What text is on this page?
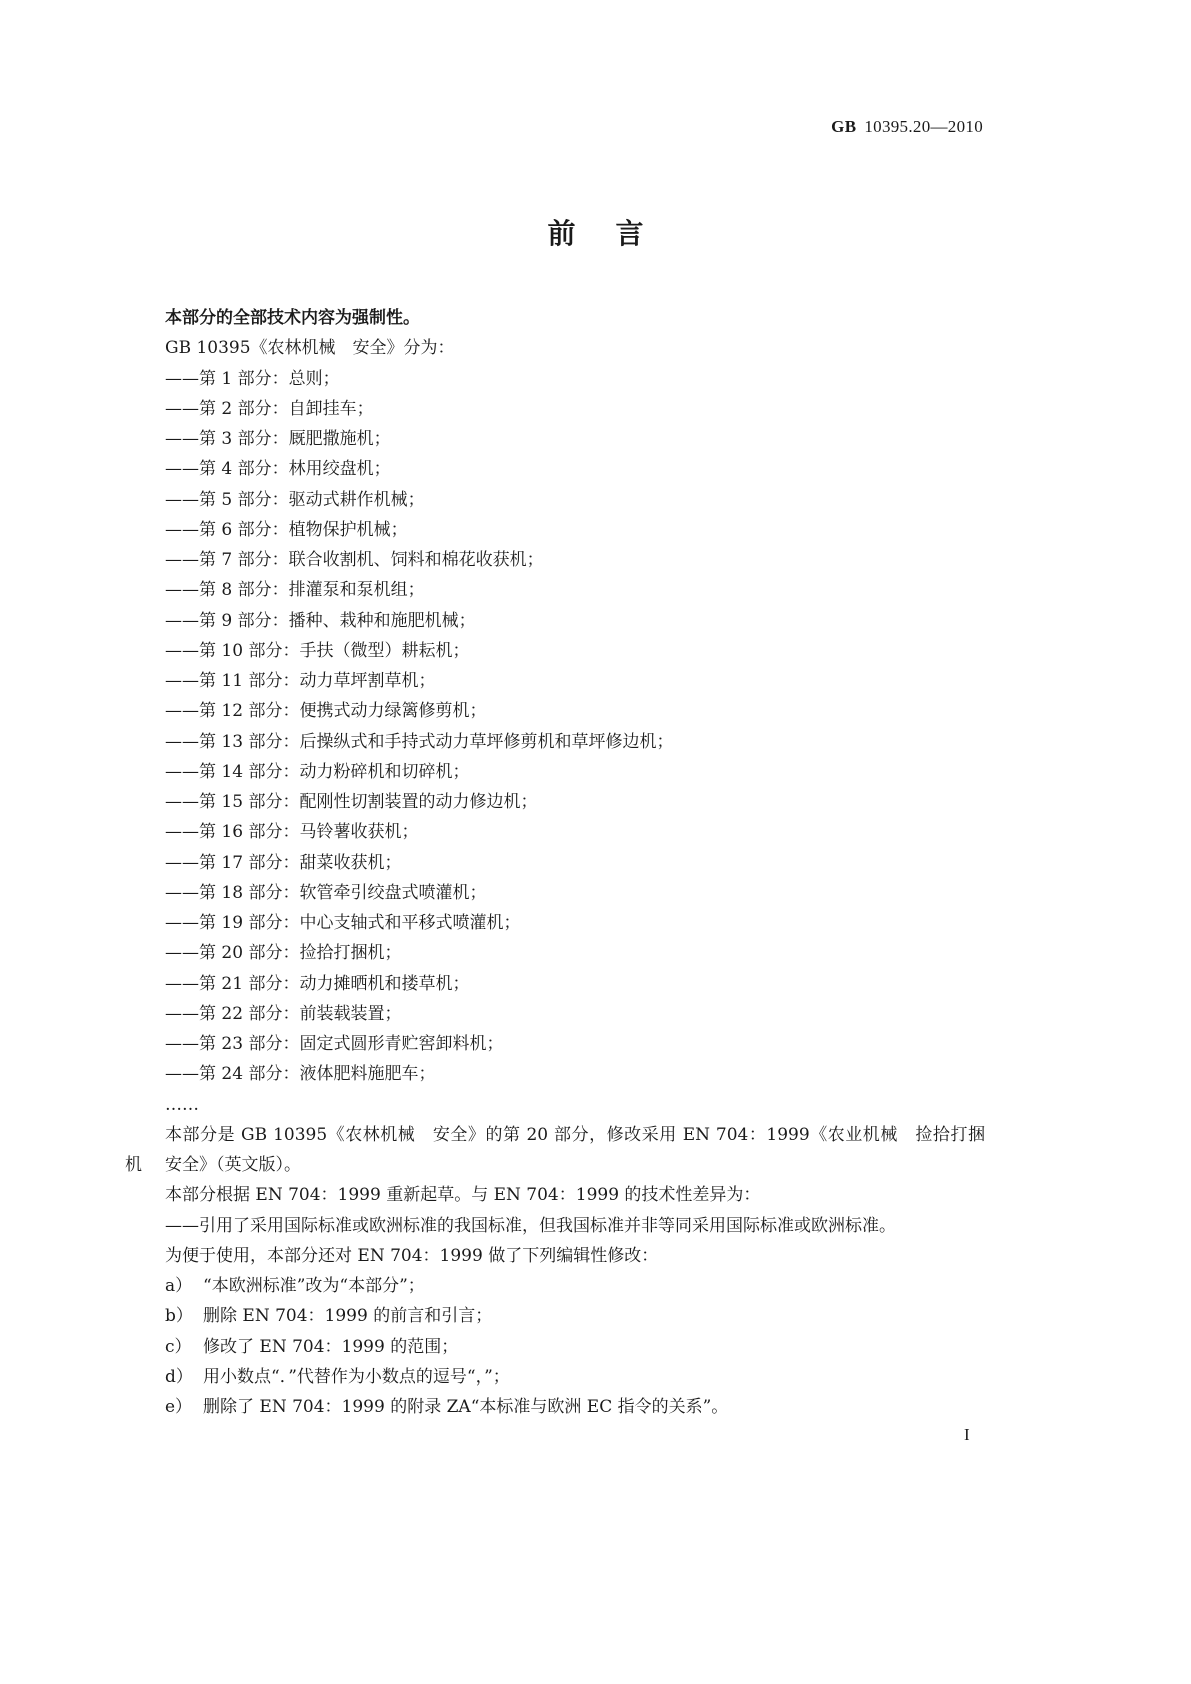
GB 10395.20—2010
前言
本部分的全部技术内容为强制性。
GB 10395《农林机械　安全》分为：
——第 1 部分：总则；
——第 2 部分：自卸挂车；
——第 3 部分：厩肥撒施机；
——第 4 部分：林用绞盘机；
——第 5 部分：驱动式耕作机械；
——第 6 部分：植物保护机械；
——第 7 部分：联合收割机、饲料和棉花收获机；
——第 8 部分：排灌泵和泵机组；
——第 9 部分：播种、栽种和施肥机械；
——第 10 部分：手扶（微型）耕耘机；
——第 11 部分：动力草坪割草机；
——第 12 部分：便携式动力绿篱修剪机；
——第 13 部分：后操纵式和手持式动力草坪修剪机和草坪修边机；
——第 14 部分：动力粉碎机和切碎机；
——第 15 部分：配刚性切割装置的动力修边机；
——第 16 部分：马铃薯收获机；
——第 17 部分：甜菜收获机；
——第 18 部分：软管牵引绞盘式喷灌机；
——第 19 部分：中心支轴式和平移式喷灌机；
——第 20 部分：捡拾打捆机；
——第 21 部分：动力摊晒机和搂草机；
——第 22 部分：前装载装置；
——第 23 部分：固定式圆形青贮窖卸料机；
——第 24 部分：液体肥料施肥车；
……
本部分是 GB 10395《农林机械　安全》的第 20 部分，修改采用 EN 704：1999《农业机械　捡拾打捆
机 安全》（英文版）。
本部分根据 EN 704：1999 重新起草。与 EN 704：1999 的技术性差异为：
——引用了采用国际标准或欧洲标准的我国标准，但我国标准并非等同采用国际标准或欧洲标准。
为便于使用，本部分还对 EN 704：1999 做了下列编辑性修改：
a） “本欧洲标准”改为“本部分”；
b） 删除 EN 704：1999 的前言和引言；
c） 修改了 EN 704：1999 的范围；
d） 用小数点“．”代替作为小数点的逗号“，”；
e） 删除了 EN 704：1999 的附录 ZA“本标准与欧洲 EC 指令的关系”。
I
